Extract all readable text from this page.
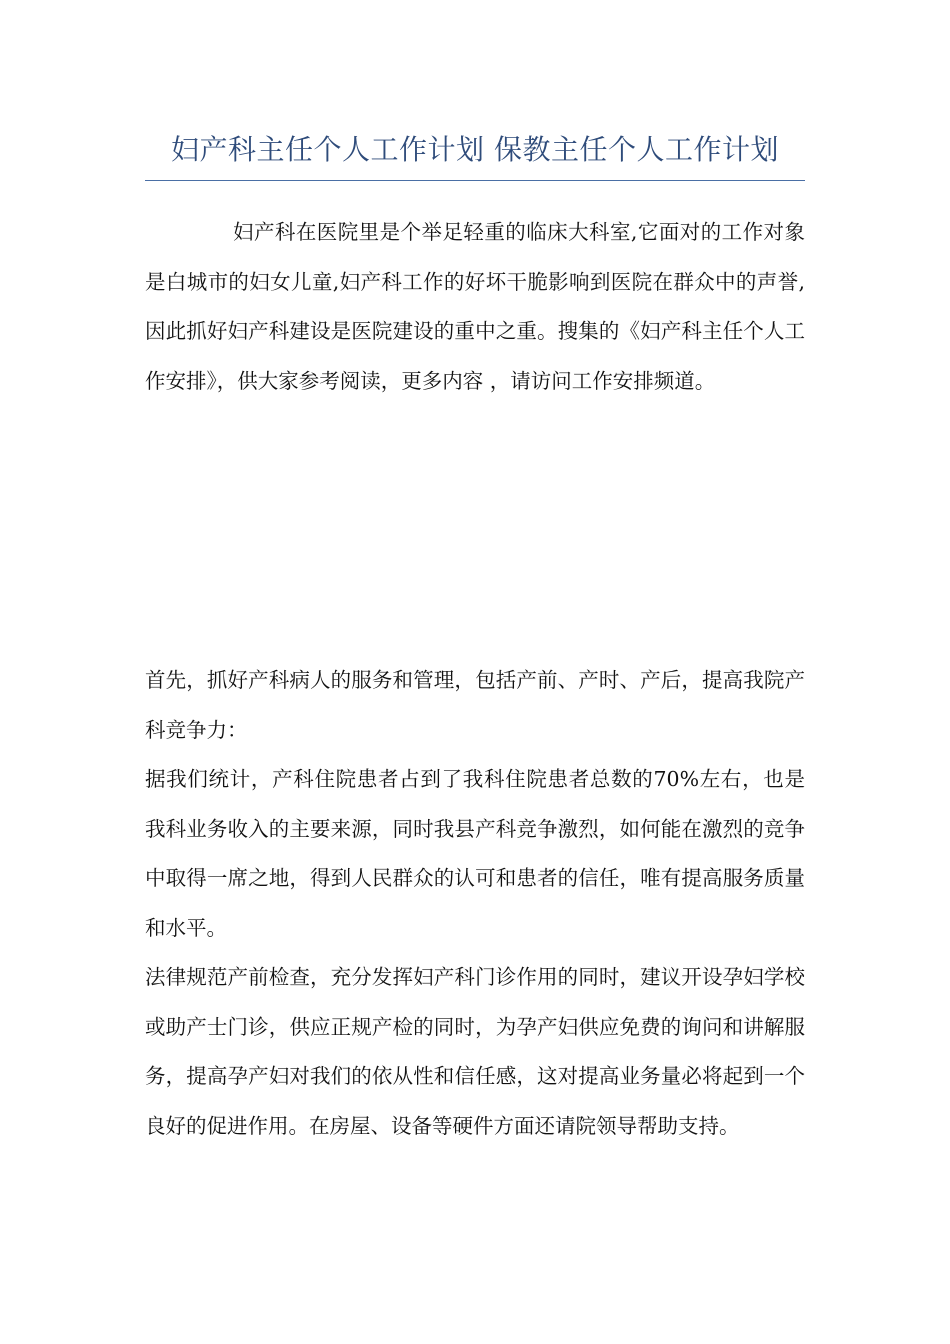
妇产科主任个人工作计划 保教主任个人工作计划

妇产科在医院里是个举足轻重的临床大科室,它面对的工作对象是白城市的妇女儿童,妇产科工作的好坏干脆影响到医院在群众中的声誉,因此抓好妇产科建设是医院建设的重中之重。搜集的《妇产科主任个人工作安排》，供大家参考阅读，更多内容 ，请访问工作安排频道。

首先，抓好产科病人的服务和管理，包括产前、产时、产后，提高我院产科竞争力：

据我们统计，产科住院患者占到了我科住院患者总数的70%左右，也是我科业务收入的主要来源，同时我县产科竞争激烈，如何能在激烈的竞争中取得一席之地，得到人民群众的认可和患者的信任，唯有提高服务质量和水平。

法律规范产前检查，充分发挥妇产科门诊作用的同时，建议开设孕妇学校或助产士门诊，供应正规产检的同时，为孕产妇供应免费的询问和讲解服务，提高孕产妇对我们的依从性和信任感，这对提高业务量必将起到一个良好的促进作用。在房屋、设备等硬件方面还请院领导帮助支持。
